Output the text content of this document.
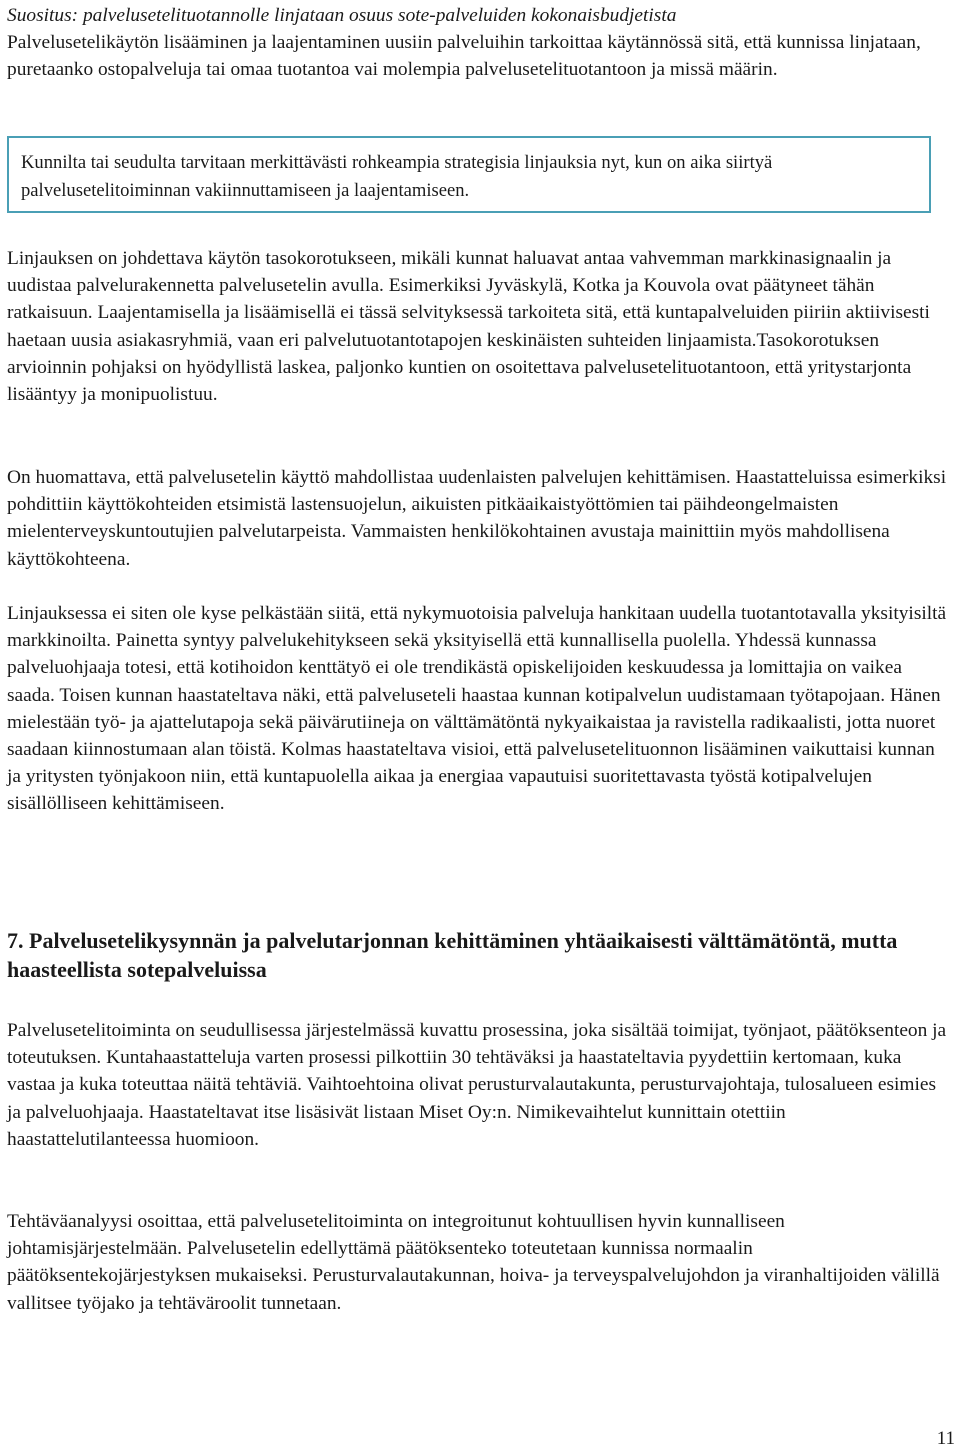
Suositus: palvelusetelituotannolle linjataan osuus sote-palveluiden kokonaisbudjetista
Palvelusetelikäytön lisääminen ja laajentaminen uusiin palveluihin tarkoittaa käytännössä sitä, että kunnissa linjataan, puretaanko ostopalveluja tai omaa tuotantoa vai molempia palvelusetelituotantoon ja missä määrin.

Kunnilta tai seudulta tarvitaan merkittävästi rohkeampia strategisia linjauksia nyt, kun on aika siirtyä palvelusetelitoiminnan vakiinnuttamiseen ja laajentamiseen.

Linjauksen on johdettava käytön tasokorotukseen, mikäli kunnat haluavat antaa vahvemman markkinasignaalin ja uudistaa palvelurakennetta palvelusetelin avulla. Esimerkiksi Jyväskylä, Kotka ja Kouvola ovat päätyneet tähän ratkaisuun. Laajentamisella ja lisäämisellä ei tässä selvityksessä tarkoiteta sitä, että kuntapalveluiden piiriin aktiivisesti haetaan uusia asiakasryhmiä, vaan eri palvelutuotantotapojen keskinäisten suhteiden linjaamista.Tasokorotuksen arvioinnin pohjaksi on hyödyllistä laskea, paljonko kuntien on osoitettava palvelusetelituotantoon, että yritystarjonta lisääntyy ja monipuolistuu.

On huomattava, että palvelusetelin käyttö mahdollistaa uudenlaisten palvelujen kehittämisen. Haastatteluissa esimerkiksi pohdittiin käyttökohteiden etsimistä lastensuojelun, aikuisten pitkäaikaistyöttömien tai päihdeongelmaisten mielenterveyskuntoutujien palvelutarpeista. Vammaisten henkilökohtainen avustaja mainittiin myös mahdollisena käyttökohteena.

Linjauksessa ei siten ole kyse pelkästään siitä, että nykymuotoisia palveluja hankitaan uudella tuotantotavalla yksityisiltä markkinoilta. Painetta syntyy palvelukehitykseen sekä yksityisellä että kunnallisella puolella. Yhdessä kunnassa palveluohjaaja totesi, että kotihoidon kenttätyö ei ole trendikästä opiskelijoiden keskuudessa ja lomittajia on vaikea saada. Toisen kunnan haastateltava näki, että palveluseteli haastaa kunnan kotipalvelun uudistamaan työtapojaan. Hänen mielestään työ- ja ajattelutapoja sekä päivärutiineja on välttämätöntä nykyaikaistaa ja ravistella radikaalisti, jotta nuoret saadaan kiinnostumaan alan töistä. Kolmas haastateltava visioi, että palvelusetelituonnon lisääminen vaikuttaisi kunnan ja yritysten työnjakoon niin, että kuntapuolella aikaa ja energiaa vapautuisi suoritettavasta työstä kotipalvelujen sisällölliseen kehittämiseen.

7. Palvelusetelikysynnän ja palvelutarjonnan kehittäminen yhtäaikaisesti välttämätöntä, mutta haasteellista sotepalveluissa

Palvelusetelitoiminta on seudullisessa järjestelmässä kuvattu prosessina, joka sisältää toimijat, työnjaot, päätöksenteon ja toteutuksen. Kuntahaastatteluja varten prosessi pilkottiin 30 tehtäväksi ja haastateltavia pyydettiin kertomaan, kuka vastaa ja kuka toteuttaa näitä tehtäviä. Vaihtoehtoina olivat perusturvalautakunta, perusturvajohtaja, tulosalueen esimies ja palveluohjaaja. Haastateltavat itse lisäsivät listaan Miset Oy:n. Nimikevaihtelut kunnittain otettiin haastattelutilanteessa huomioon.

Tehtäväanalyysi osoittaa, että palvelusetelitoiminta on integroitunut kohtuullisen hyvin kunnalliseen johtamisjärjestelmään. Palvelusetelin edellyttämä päätöksenteko toteutetaan kunnissa normaalin päätöksentekojärjestyksen mukaiseksi. Perusturvalautakunnan, hoiva- ja terveyspalvelujohdon ja viranhaltijoiden välillä vallitsee työjako ja tehtäväroolit tunnetaan.

11
